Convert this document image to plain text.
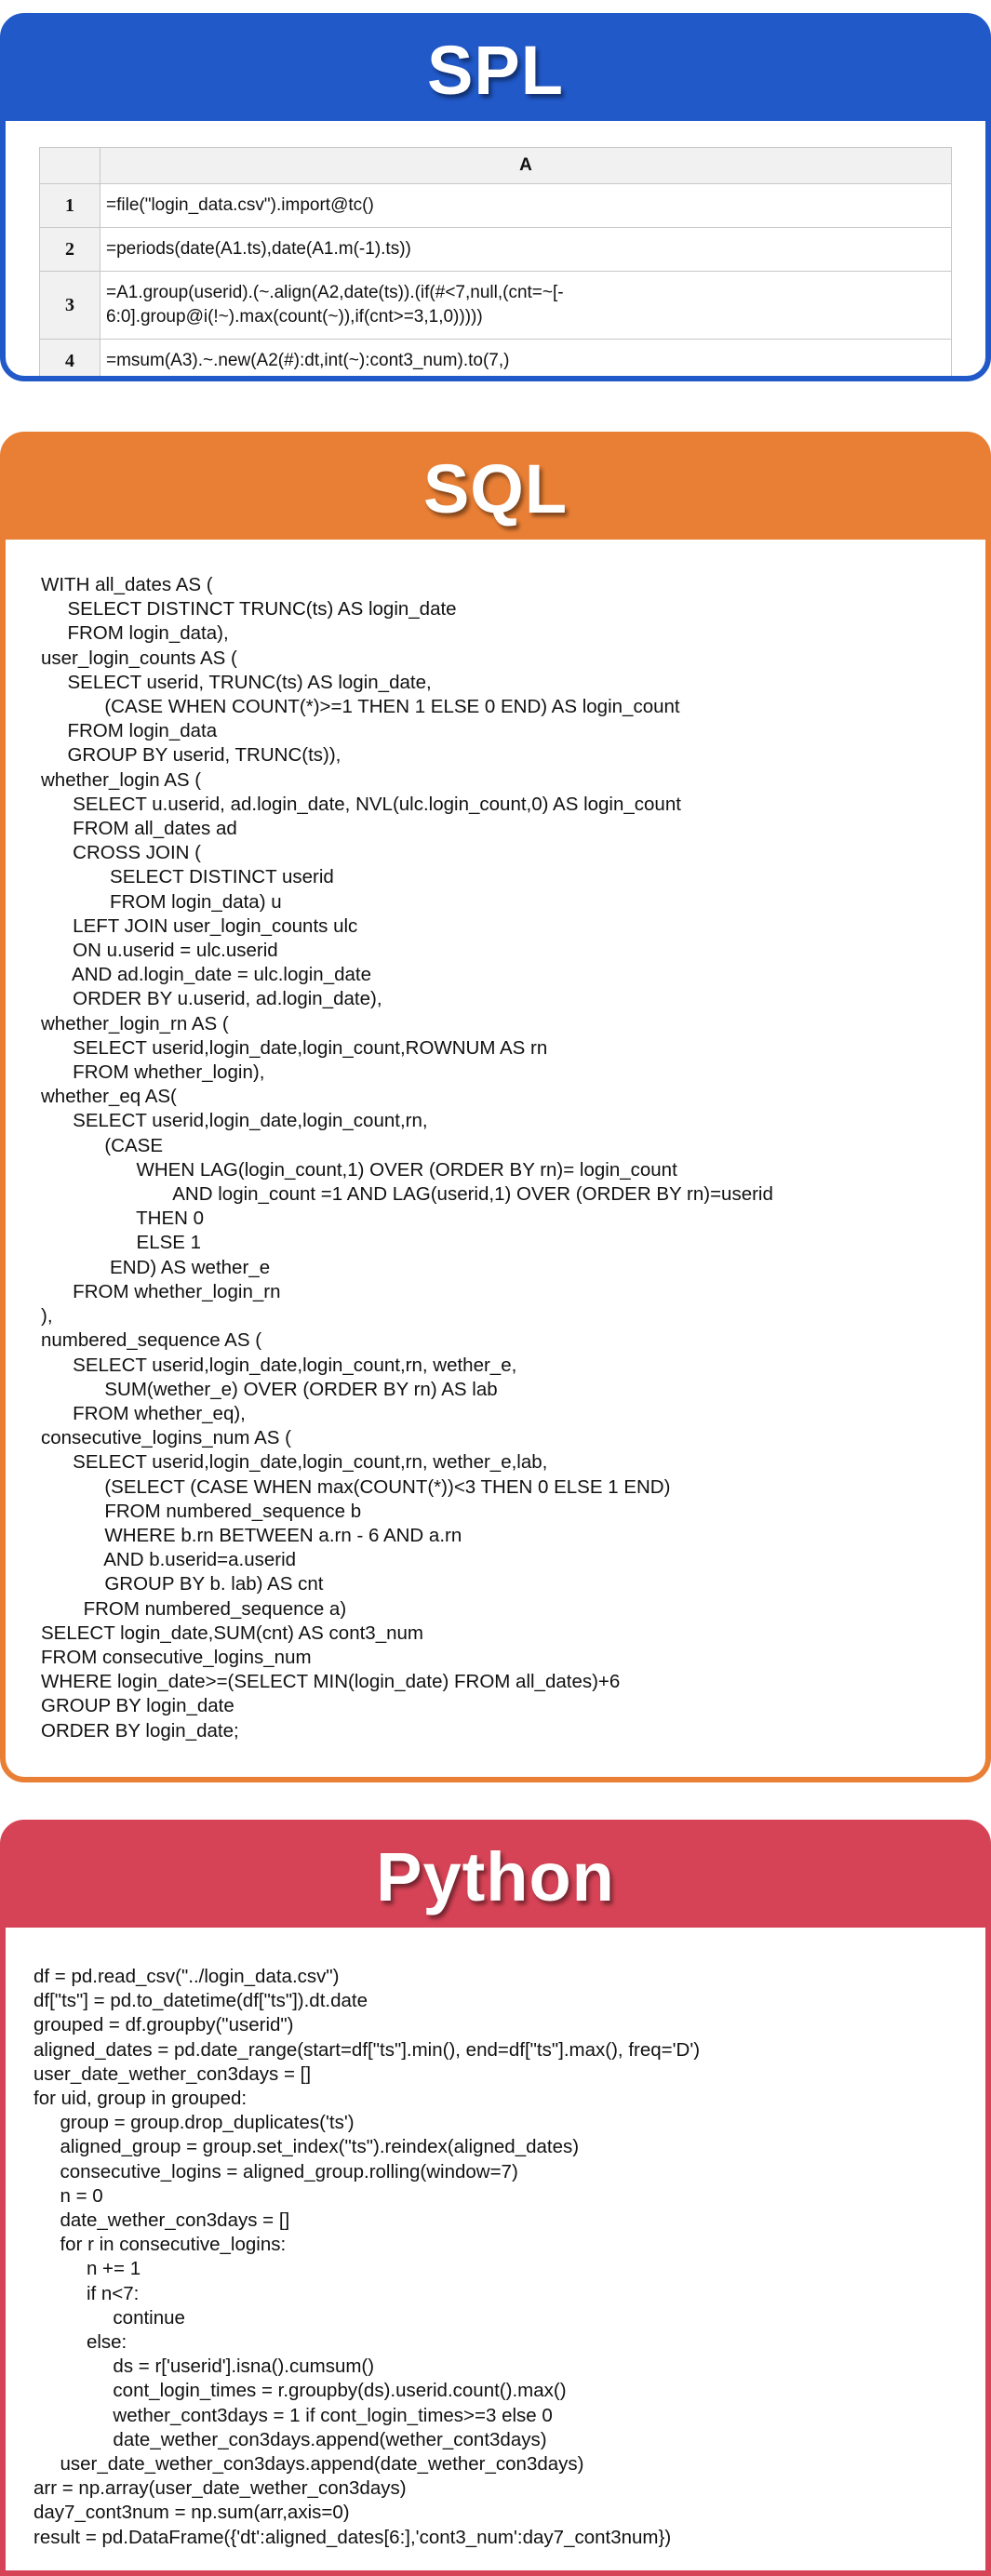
SPL
	A
1	=file("login_data.csv").import@tc()
2	=periods(date(A1.ts),date(A1.m(-1).ts))
3	=A1.group(userid).(~.align(A2,date(ts)).(if(#<7,null,(cnt=~[-
6:0].group@i(!~).max(count(~)),if(cnt>=3,1,0)))))
4	=msum(A3).~.new(A2(#):dt,int(~):cont3_num).to(7,)
SQL
WITH all_dates AS (
SELECT DISTINCT TRUNC(ts) AS login_date
FROM login_data),
user_login_counts AS (
SELECT userid, TRUNC(ts) AS login_date,
(CASE WHEN COUNT(*)>=1 THEN 1 ELSE 0 END) AS login_count
FROM login_data
GROUP BY userid, TRUNC(ts)),
whether_login AS (
SELECT u.userid, ad.login_date, NVL(ulc.login_count,0) AS login_count
FROM all_dates ad
CROSS JOIN (
SELECT DISTINCT userid
FROM login_data) u
LEFT JOIN user_login_counts ulc
ON u.userid = ulc.userid
AND ad.login_date = ulc.login_date
ORDER BY u.userid, ad.login_date),
whether_login_rn AS (
SELECT userid,login_date,login_count,ROWNUM AS rn
FROM whether_login),
whether_eq AS(
SELECT userid,login_date,login_count,rn,
(CASE
WHEN LAG(login_count,1) OVER (ORDER BY rn)= login_count
AND login_count =1 AND LAG(userid,1) OVER (ORDER BY rn)=userid
THEN 0
ELSE 1
END) AS wether_e
FROM whether_login_rn
),
numbered_sequence AS (
SELECT userid,login_date,login_count,rn, wether_e,
SUM(wether_e) OVER (ORDER BY rn) AS lab
FROM whether_eq),
consecutive_logins_num AS (
SELECT userid,login_date,login_count,rn, wether_e,lab,
(SELECT (CASE WHEN max(COUNT(*))<3 THEN 0 ELSE 1 END)
FROM numbered_sequence b
WHERE b.rn BETWEEN a.rn - 6 AND a.rn
AND b.userid=a.userid
GROUP BY b. lab) AS cnt
FROM numbered_sequence a)
SELECT login_date,SUM(cnt) AS cont3_num
FROM consecutive_logins_num
WHERE login_date>=(SELECT MIN(login_date) FROM all_dates)+6
GROUP BY login_date
ORDER BY login_date;
Python
df = pd.read_csv("../login_data.csv")
df["ts"] = pd.to_datetime(df["ts"]).dt.date
grouped = df.groupby("userid")
aligned_dates = pd.date_range(start=df["ts"].min(), end=df["ts"].max(), freq='D')
user_date_wether_con3days = []
for uid, group in grouped:
group = group.drop_duplicates('ts')
aligned_group = group.set_index("ts").reindex(aligned_dates)
consecutive_logins = aligned_group.rolling(window=7)
n = 0
date_wether_con3days = []
for r in consecutive_logins:
n += 1
if n<7:
continue
else:
ds = r['userid'].isna().cumsum()
cont_login_times = r.groupby(ds).userid.count().max()
wether_cont3days = 1 if cont_login_times>=3 else 0
date_wether_con3days.append(wether_cont3days)
user_date_wether_con3days.append(date_wether_con3days)
arr = np.array(user_date_wether_con3days)
day7_cont3num = np.sum(arr,axis=0)
result = pd.DataFrame({'dt':aligned_dates[6:],'cont3_num':day7_cont3num})
